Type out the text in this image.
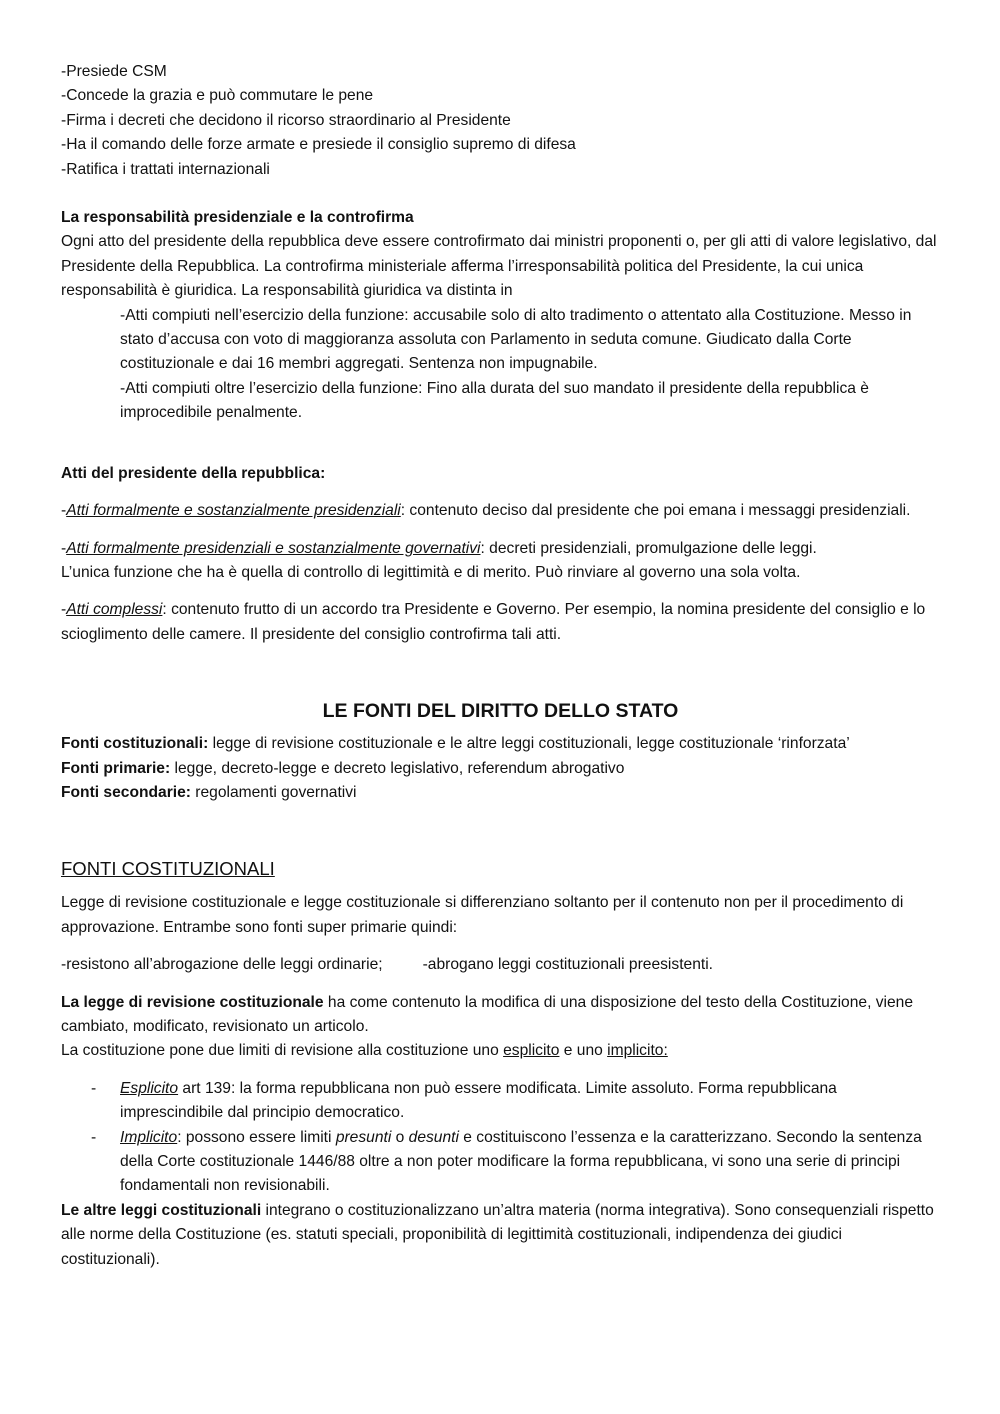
-Presiede CSM
-Concede la grazia e può commutare le pene
-Firma i decreti che decidono il ricorso straordinario al Presidente
-Ha il comando delle forze armate e presiede il consiglio supremo di difesa
-Ratifica i trattati internazionali
La responsabilità presidenziale e la controfirma
Ogni atto del presidente della repubblica deve essere controfirmato dai ministri proponenti o, per gli atti di valore legislativo, dal Presidente della Repubblica. La controfirma ministeriale afferma l’irresponsabilità politica del Presidente, la cui unica responsabilità è giuridica. La responsabilità giuridica va distinta in
-Atti compiuti nell’esercizio della funzione: accusabile solo di alto tradimento o attentato alla Costituzione. Messo in stato d’accusa con voto di maggioranza assoluta con Parlamento in seduta comune. Giudicato dalla Corte costituzionale e dai 16 membri aggregati. Sentenza non impugnabile.
-Atti compiuti oltre l’esercizio della funzione: Fino alla durata del suo mandato il presidente della repubblica è improcedibile penalmente.
Atti del presidente della repubblica:
-Atti formalmente e sostanzialmente presidenziali: contenuto deciso dal presidente che poi emana i messaggi presidenziali.
-Atti formalmente presidenziali e sostanzialmente governativi: decreti presidenziali, promulgazione delle leggi.
L’unica funzione che ha è quella di controllo di legittimità e di merito. Può rinviare al governo una sola volta.
-Atti complessi: contenuto frutto di un accordo tra Presidente e Governo. Per esempio, la nomina presidente del consiglio e lo scioglimento delle camere. Il presidente del consiglio controfirma tali atti.
LE FONTI DEL DIRITTO DELLO STATO
Fonti costituzionali: legge di revisione costituzionale e le altre leggi costituzionali, legge costituzionale ‘rinforzata’
Fonti primarie: legge, decreto-legge e decreto legislativo, referendum abrogativo
Fonti secondarie: regolamenti governativi
FONTI COSTITUZIONALI
Legge di revisione costituzionale e legge costituzionale si differenziano soltanto per il contenuto non per il procedimento di approvazione. Entrambe sono fonti super primarie quindi:
-resistono all’abrogazione delle leggi ordinarie;	-abrogano leggi costituzionali preesistenti.
La legge di revisione costituzionale ha come contenuto la modifica di una disposizione del testo della Costituzione, viene cambiato, modificato, revisionato un articolo.
La costituzione pone due limiti di revisione alla costituzione uno esplicito e uno implicito:
- Esplicito art 139: la forma repubblicana non può essere modificata. Limite assoluto. Forma repubblicana imprescindibile dal principio democratico.
- Implicito: possono essere limiti presunti o desunti e costituiscono l’essenza e la caratterizzano. Secondo la sentenza della Corte costituzionale 1446/88 oltre a non poter modificare la forma repubblicana, vi sono una serie di principi fondamentali non revisionabili.
Le altre leggi costituzionali integrano o costituzionalizzano un’altra materia (norma integrativa). Sono consequenziali rispetto alle norme della Costituzione (es. statuti speciali, proponibilità di legittimità costituzionali, indipendenza dei giudici costituzionali).
